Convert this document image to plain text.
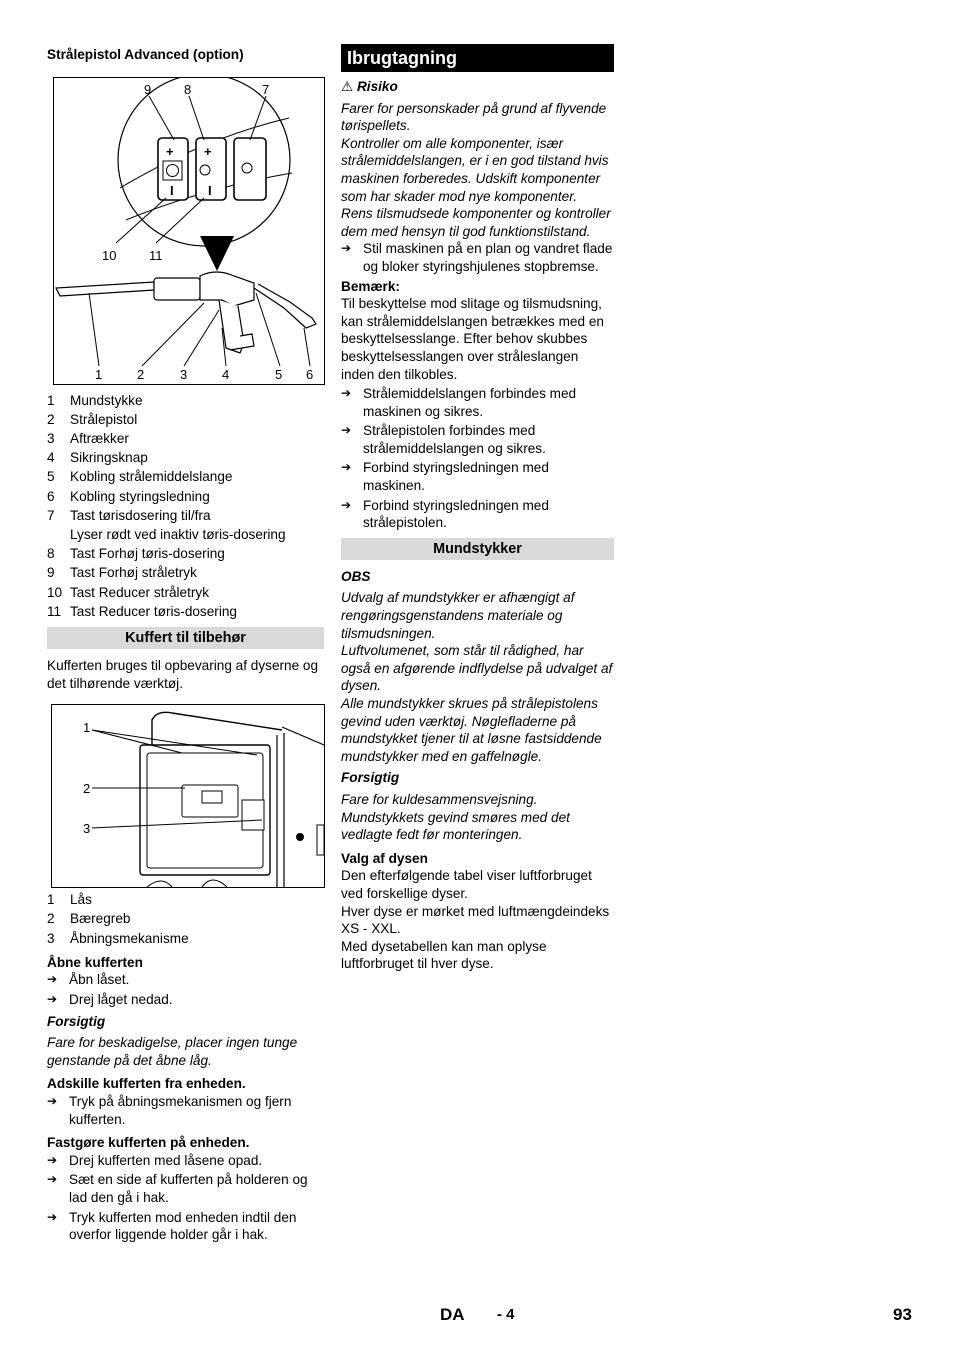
Strålepistol Advanced (option)

+ +
I	I
9	8	7
10	11
1	2	3	4	5 6
1	Mundstykke
2	Strålepistol
3	Aftrækker
4	Sikringsknap
5	Kobling strålemiddelslange
6	Kobling styringsledning
7	Tast tørisdosering til/fra
Lyser rødt ved inaktiv tøris-dosering
8	Tast Forhøj tøris-dosering
9	Tast Forhøj stråletryk
10 Tast Reducer stråletryk
11 Tast Reducer tøris-dosering
Kuffert til tilbehør

Kufferten bruges til opbevaring af dyserne og det tilhørende værktøj.

1
2
3
1	Lås
2	Bæregreb
3	Åbningsmekanisme

Åbne kufferten

➔ Åbn låset.
➔ Drej låget nedad.

Forsigtig

Fare for beskadigelse, placer ingen tunge genstande på det åbne låg.

Adskille kufferten fra enheden.

➔ Tryk på åbningsmekanismen og fjern kufferten.

Fastgøre kufferten på enheden.

➔ Drej kufferten med låsene opad.
➔ Sæt en side af kufferten på holderen og lad den gå i hak.
➔ Tryk kufferten mod enheden indtil den overfor liggende holder går i hak.
Ibrugtagning

⚠ Risiko

Farer for personskader på grund af flyvende tørispellets.
Kontroller om alle komponenter, især strålemiddelslangen, er i en god tilstand hvis maskinen forberedes. Udskift komponenter som har skader mod nye komponenter.
Rens tilsmudsede komponenter og kontroller dem med hensyn til god funktionstilstand.

➔ Stil maskinen på en plan og vandret flade og bloker styringshjulenes stopbremse.

Bemærk:

Til beskyttelse mod slitage og tilsmudsning, kan strålemiddelslangen betrækkes med en beskyttelsesslange. Efter behov skubbes beskyttelsesslangen over stråleslangen inden den tilkobles.

➔ Strålemiddelslangen forbindes med maskinen og sikres.
➔ Strålepistolen forbindes med strålemiddelslangen og sikres.
➔ Forbind styringsledningen med maskinen.
➔ Forbind styringsledningen med strålepistolen.
Mundstykker

OBS

Udvalg af mundstykker er afhængigt af rengøringsgenstandens materiale og tilsmudsningen.
Luftvolumenet, som står til rådighed, har også en afgørende indflydelse på udvalget af dysen.
Alle mundstykker skrues på strålepistolens gevind uden værktøj. Nøglefladerne på mundstykket tjener til at løsne fastsiddende mundstykker med en gaffelnøgle.

Forsigtig

Fare for kuldesammensvejsning. Mundstykkets gevind smøres med det vedlagte fedt før monteringen.

Valg af dysen

Den efterfølgende tabel viser luftforbruget ved forskellige dyser.
Hver dyse er mørket med luftmængdeindeks XS - XXL.
Med dysetabellen kan man oplyse luftforbruget til hver dyse.

DA - 4	93
